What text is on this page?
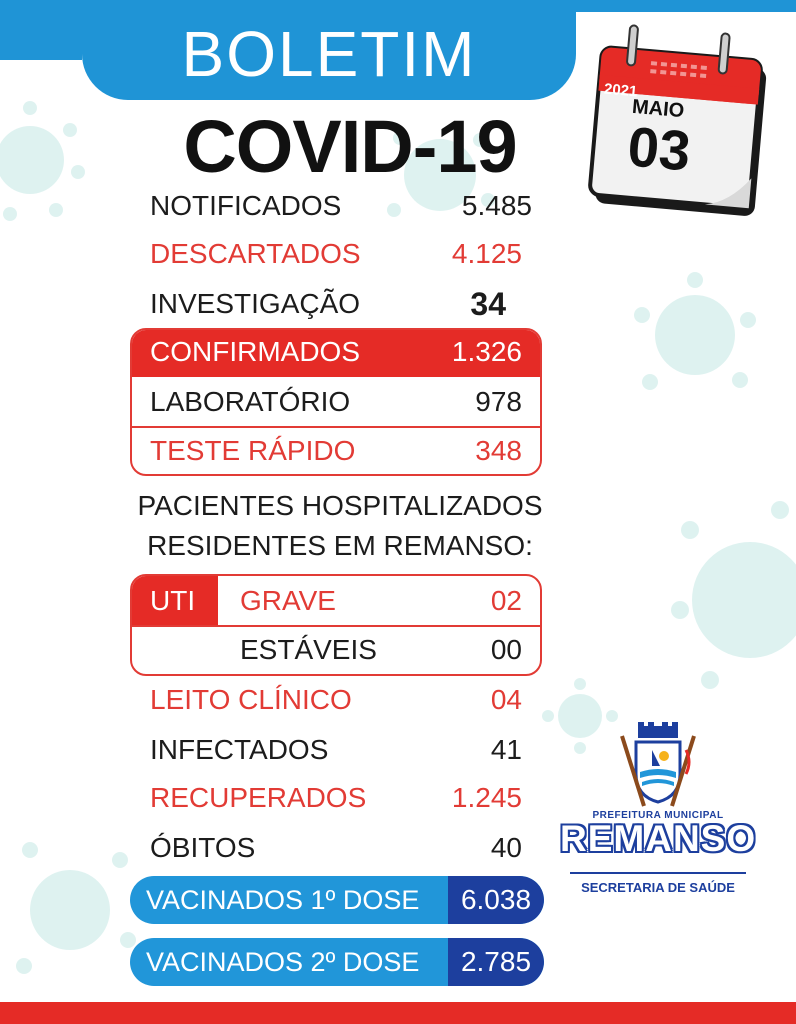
BOLETIM
COVID-19
2021
MAIO
03
NOTIFICADOS	5.485
DESCARTADOS	4.125
INVESTIGAÇÃO	34
CONFIRMADOS	1.326
LABORATÓRIO	978
TESTE RÁPIDO	348
PACIENTES HOSPITALIZADOS
RESIDENTES EM REMANSO:
UTI GRAVE	02
ESTÁVEIS	00
LEITO CLÍNICO	04
INFECTADOS	41
RECUPERADOS	1.245
ÓBITOS	40
VACINADOS 1º DOSE	6.038
VACINADOS 2º DOSE	2.785
PREFEITURA MUNICIPAL
REMANSO
SECRETARIA DE SAÚDE
